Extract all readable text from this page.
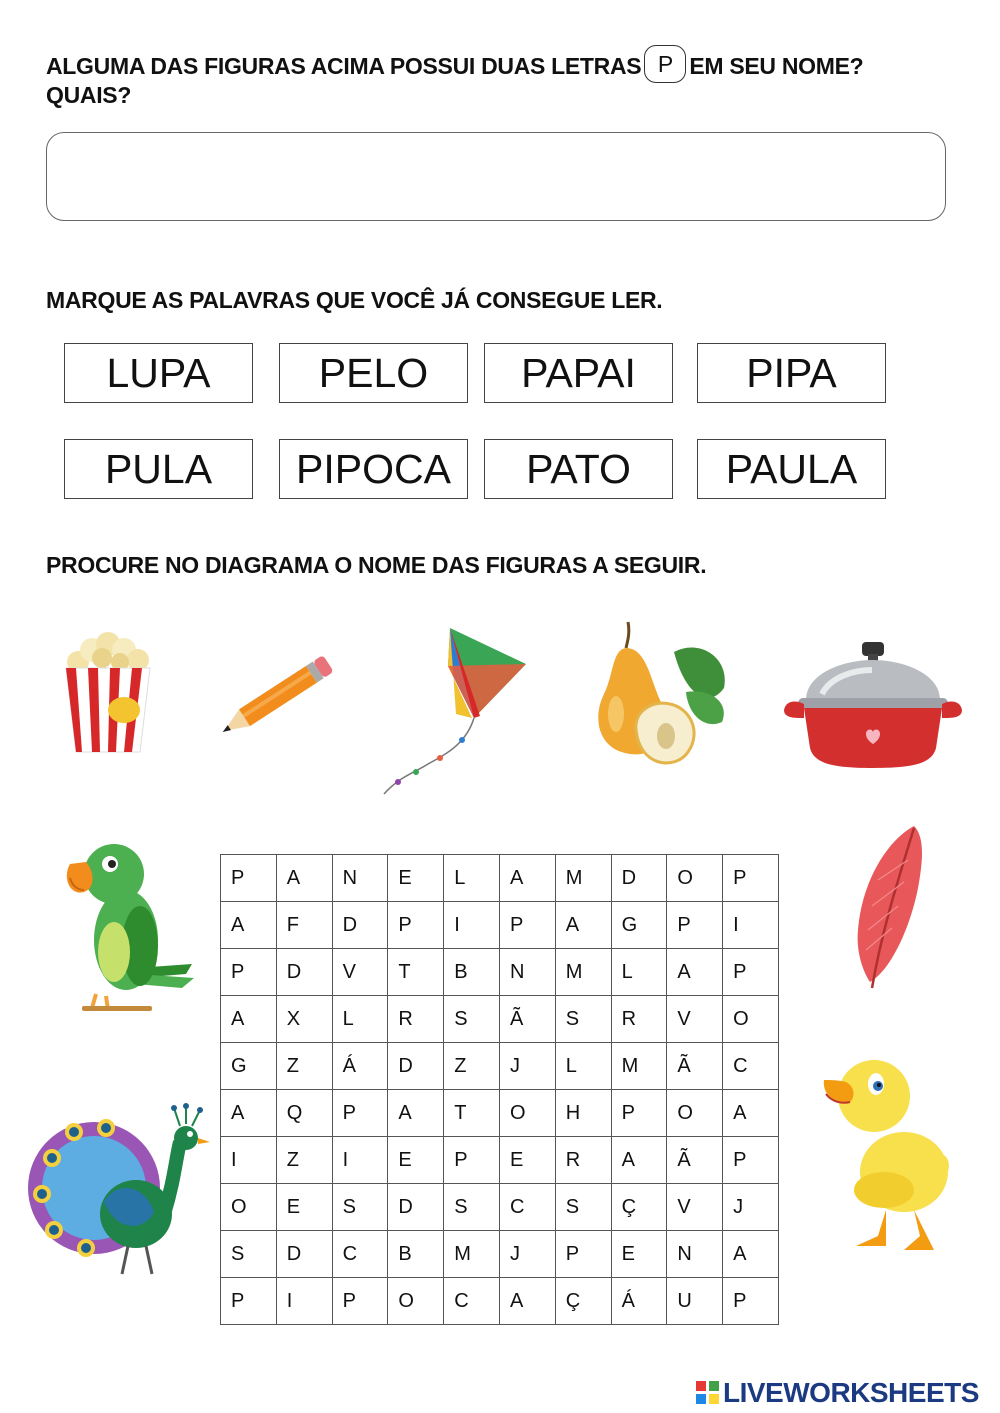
ALGUMA DAS FIGURAS ACIMA POSSUI DUAS LETRAS P EM SEU NOME?
QUAIS?
MARQUE AS PALAVRAS QUE VOCÊ JÁ CONSEGUE LER.
LUPA	PELO	PAPAI	PIPA
PULA	PIPOCA	PATO	PAULA
PROCURE NO DIAGRAMA O NOME DAS FIGURAS A SEGUIR.
P	A	N	E	L	A	M	D	O	P
A	F	D	P	I	P	A	G	P	I
P	D	V	T	B	N	M	L	A	P
A	X	L	R	S	Ã	S	R	V	O
G	Z	Á	D	Z	J	L	M	Ã	C
A	Q	P	A	T	O	H	P	O	A
I	Z	I	E	P	E	R	A	Ã	P
O	E	S	D	S	C	S	Ç	V	J
S	D	C	B	M	J	P	E	N	A
P	I	P	O	C	A	Ç	Á	U	P
LIVEWORKSHEETS
